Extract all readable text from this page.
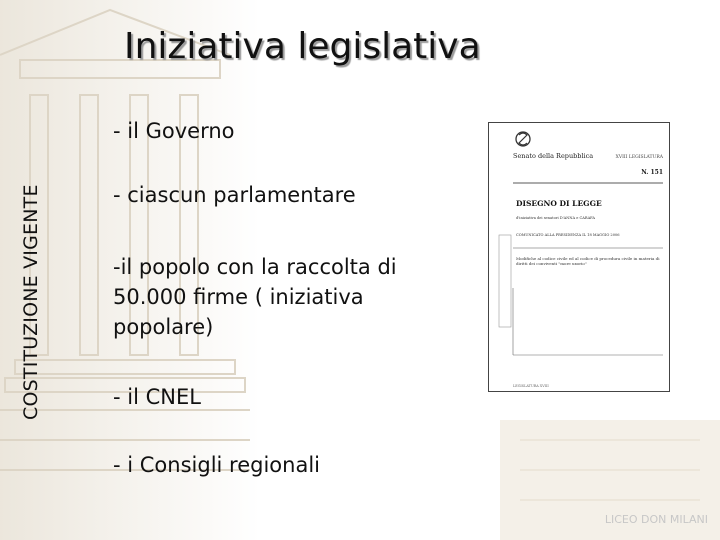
COSTITUZIONE VIGENTE
Iniziativa legislativa
- il Governo
- ciascun parlamentare
-il popolo con la raccolta di
50.000 firme ( iniziativa
popolare)
- il CNEL
- i Consigli regionali
Senato della Repubblica	XVIII LEGISLATURA
N. 151
DISEGNO DI LEGGE
d'iniziativa dei senatori D'ANNA e CARAFA
COMUNICATO ALLA PRESIDENZA IL 18 MAGGIO 2006
Modifiche al codice civile ed al codice di procedura civile in materia di diritti dei conviventi "more uxorio"
LEGISLATURA XVIII
LICEO DON MILANI
